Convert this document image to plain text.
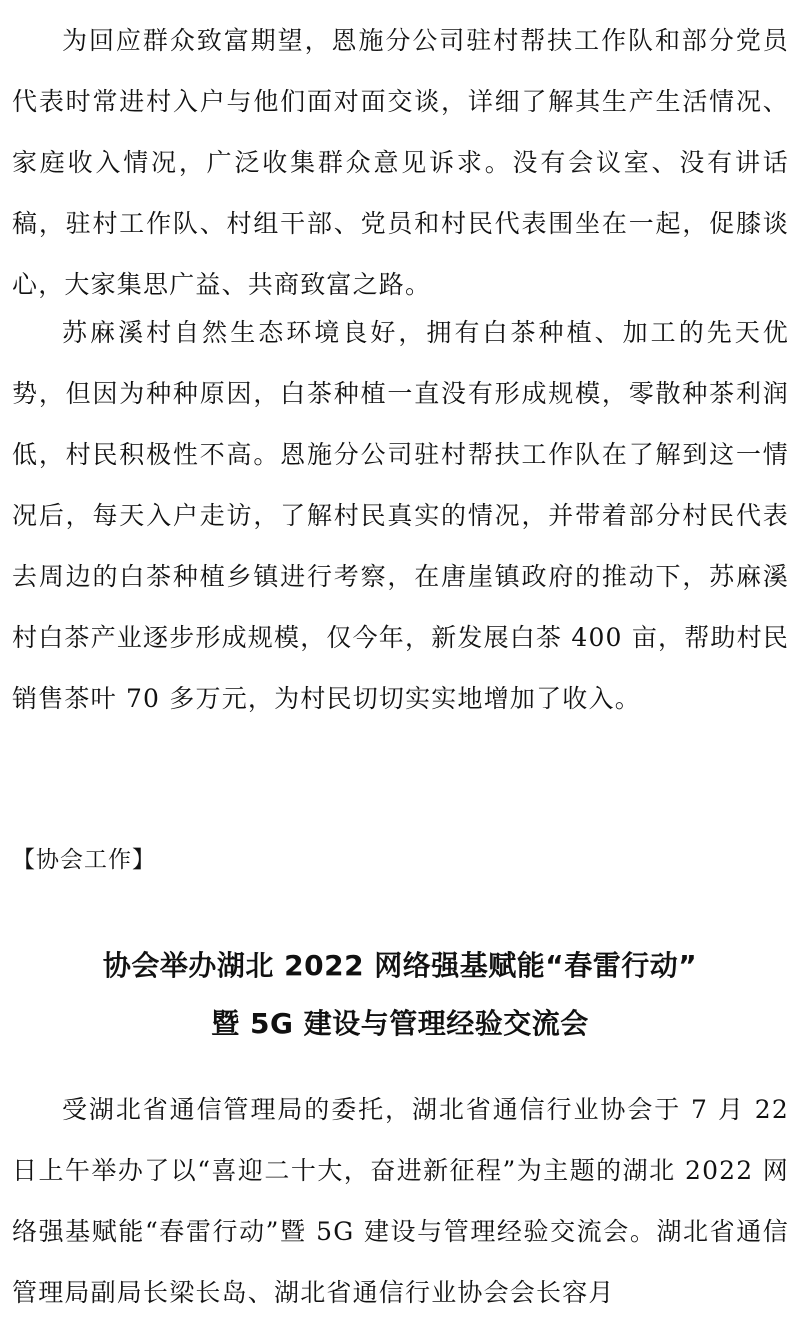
为回应群众致富期望，恩施分公司驻村帮扶工作队和部分党员代表时常进村入户与他们面对面交谈，详细了解其生产生活情况、家庭收入情况，广泛收集群众意见诉求。没有会议室、没有讲话稿，驻村工作队、村组干部、党员和村民代表围坐在一起，促膝谈心，大家集思广益、共商致富之路。

苏麻溪村自然生态环境良好，拥有白茶种植、加工的先天优势，但因为种种原因，白茶种植一直没有形成规模，零散种茶利润低，村民积极性不高。恩施分公司驻村帮扶工作队在了解到这一情况后，每天入户走访，了解村民真实的情况，并带着部分村民代表去周边的白茶种植乡镇进行考察，在唐崖镇政府的推动下，苏麻溪村白茶产业逐步形成规模，仅今年，新发展白茶 400 亩，帮助村民销售茶叶 70 多万元，为村民切切实实地增加了收入。

【协会工作】
协会举办湖北 2022 网络强基赋能“春雷行动”
暨 5G 建设与管理经验交流会

受湖北省通信管理局的委托，湖北省通信行业协会于 7 月 22 日上午举办了以“喜迎二十大，奋进新征程”为主题的湖北 2022 网络强基赋能“春雷行动”暨 5G 建设与管理经验交流会。湖北省通信管理局副局长梁长岛、湖北省通信行业协会会长容月
